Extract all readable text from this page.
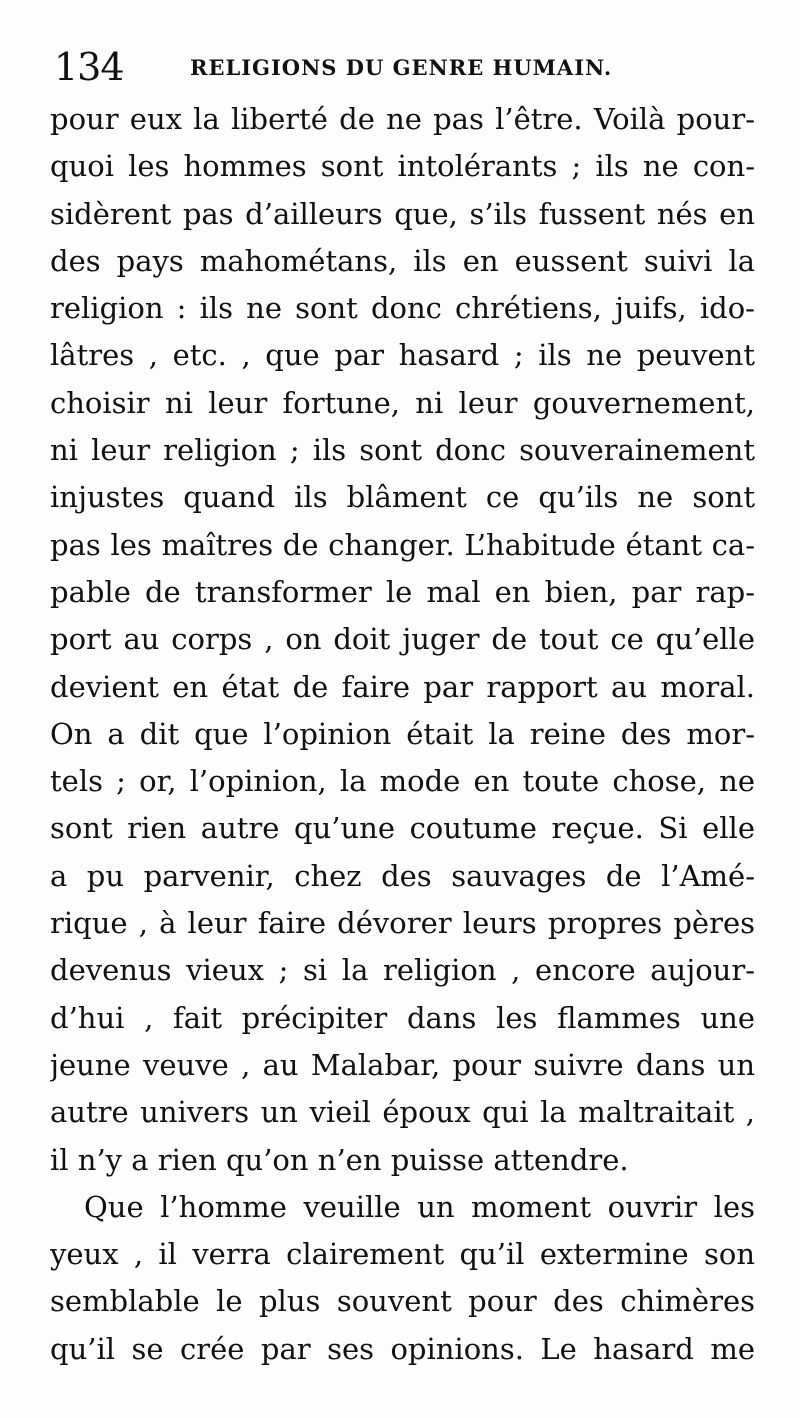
134	RELIGIONS DU GENRE HUMAIN.
pour eux la liberté de ne pas l’être. Voilà pour-
quoi les hommes sont intolérants ; ils ne con-
sidèrent pas d’ailleurs que, s’ils fussent nés en
des pays mahométans, ils en eussent suivi la
religion : ils ne sont donc chrétiens, juifs, ido-
lâtres , etc. , que par hasard ; ils ne peuvent
choisir ni leur fortune, ni leur gouvernement,
ni leur religion ; ils sont donc souverainement
injustes quand ils blâment ce qu’ils ne sont
pas les maîtres de changer. L’habitude étant ca-
pable de transformer le mal en bien, par rap-
port au corps , on doit juger de tout ce qu’elle
devient en état de faire par rapport au moral.
On a dit que l’opinion était la reine des mor-
tels ; or, l’opinion, la mode en toute chose, ne
sont rien autre qu’une coutume reçue. Si elle
a pu parvenir, chez des sauvages de l’Amé-
rique , à leur faire dévorer leurs propres pères
devenus vieux ; si la religion , encore aujour-
d’hui , fait précipiter dans les flammes une
jeune veuve , au Malabar, pour suivre dans un
autre univers un vieil époux qui la maltraitait ,
il n’y a rien qu’on n’en puisse attendre.
Que l’homme veuille un moment ouvrir les
yeux , il verra clairement qu’il extermine son
semblable le plus souvent pour des chimères
qu’il se crée par ses opinions. Le hasard me
